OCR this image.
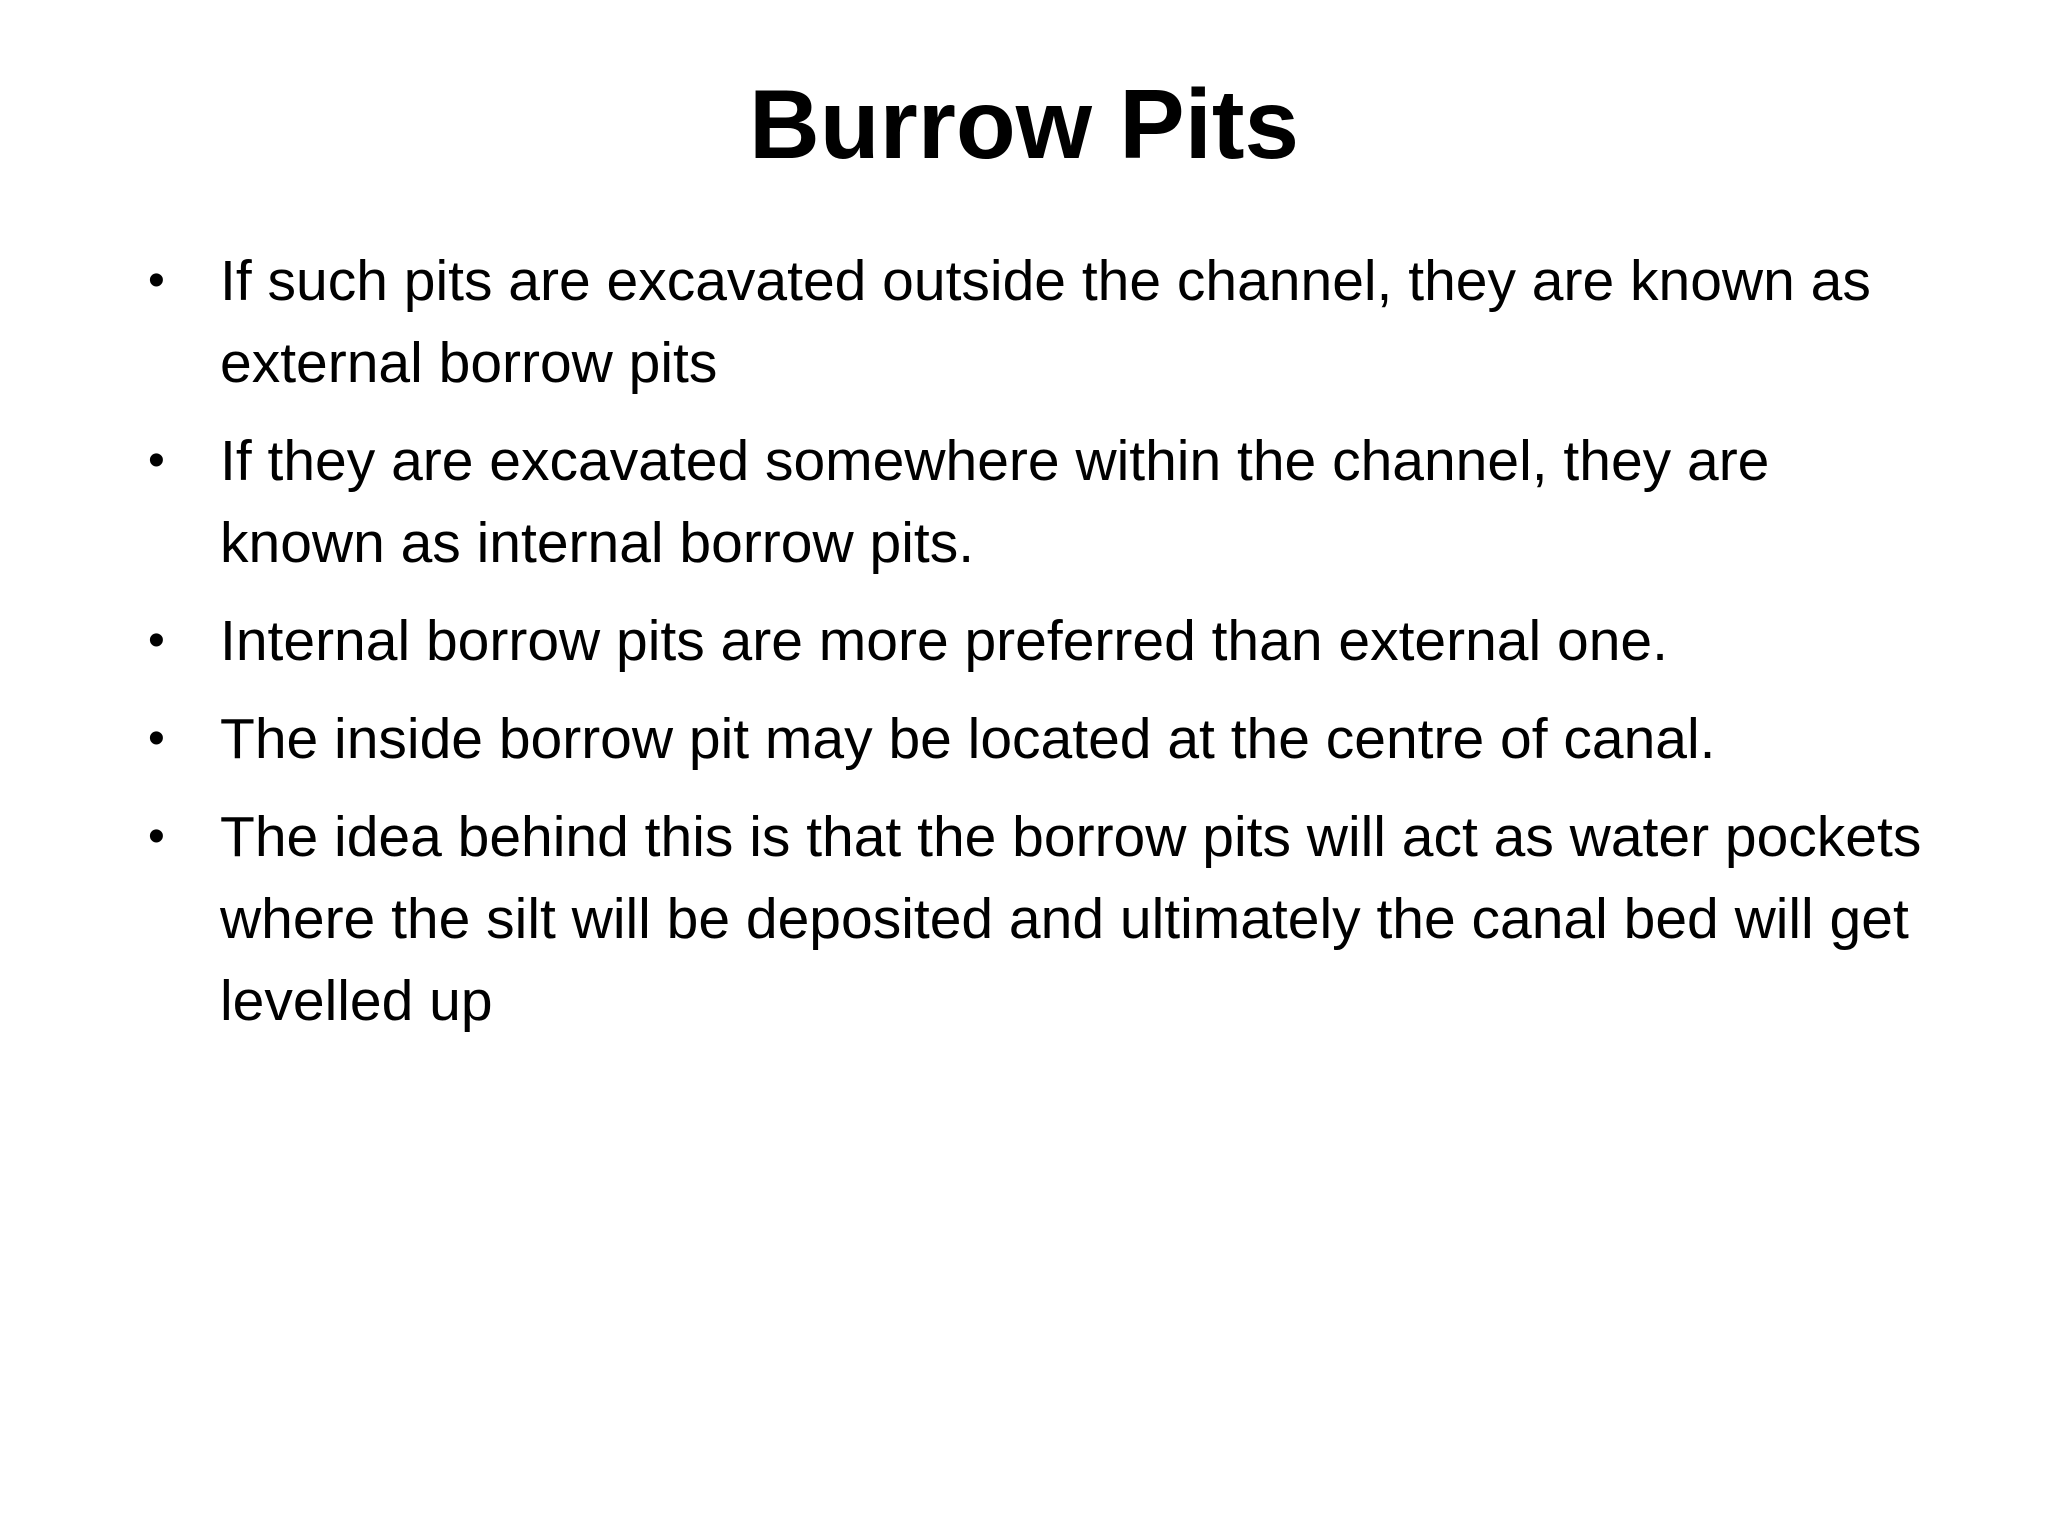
Burrow Pits
• If such pits are excavated outside the channel, they are known as external borrow pits
• If they are excavated somewhere within the channel, they are known as internal borrow pits.
• Internal borrow pits are more preferred than external one.
• The inside borrow pit may be located at the centre of canal.
• The idea behind this is that the borrow pits will act as water pockets where the silt will be deposited and ultimately the canal bed will get levelled up
